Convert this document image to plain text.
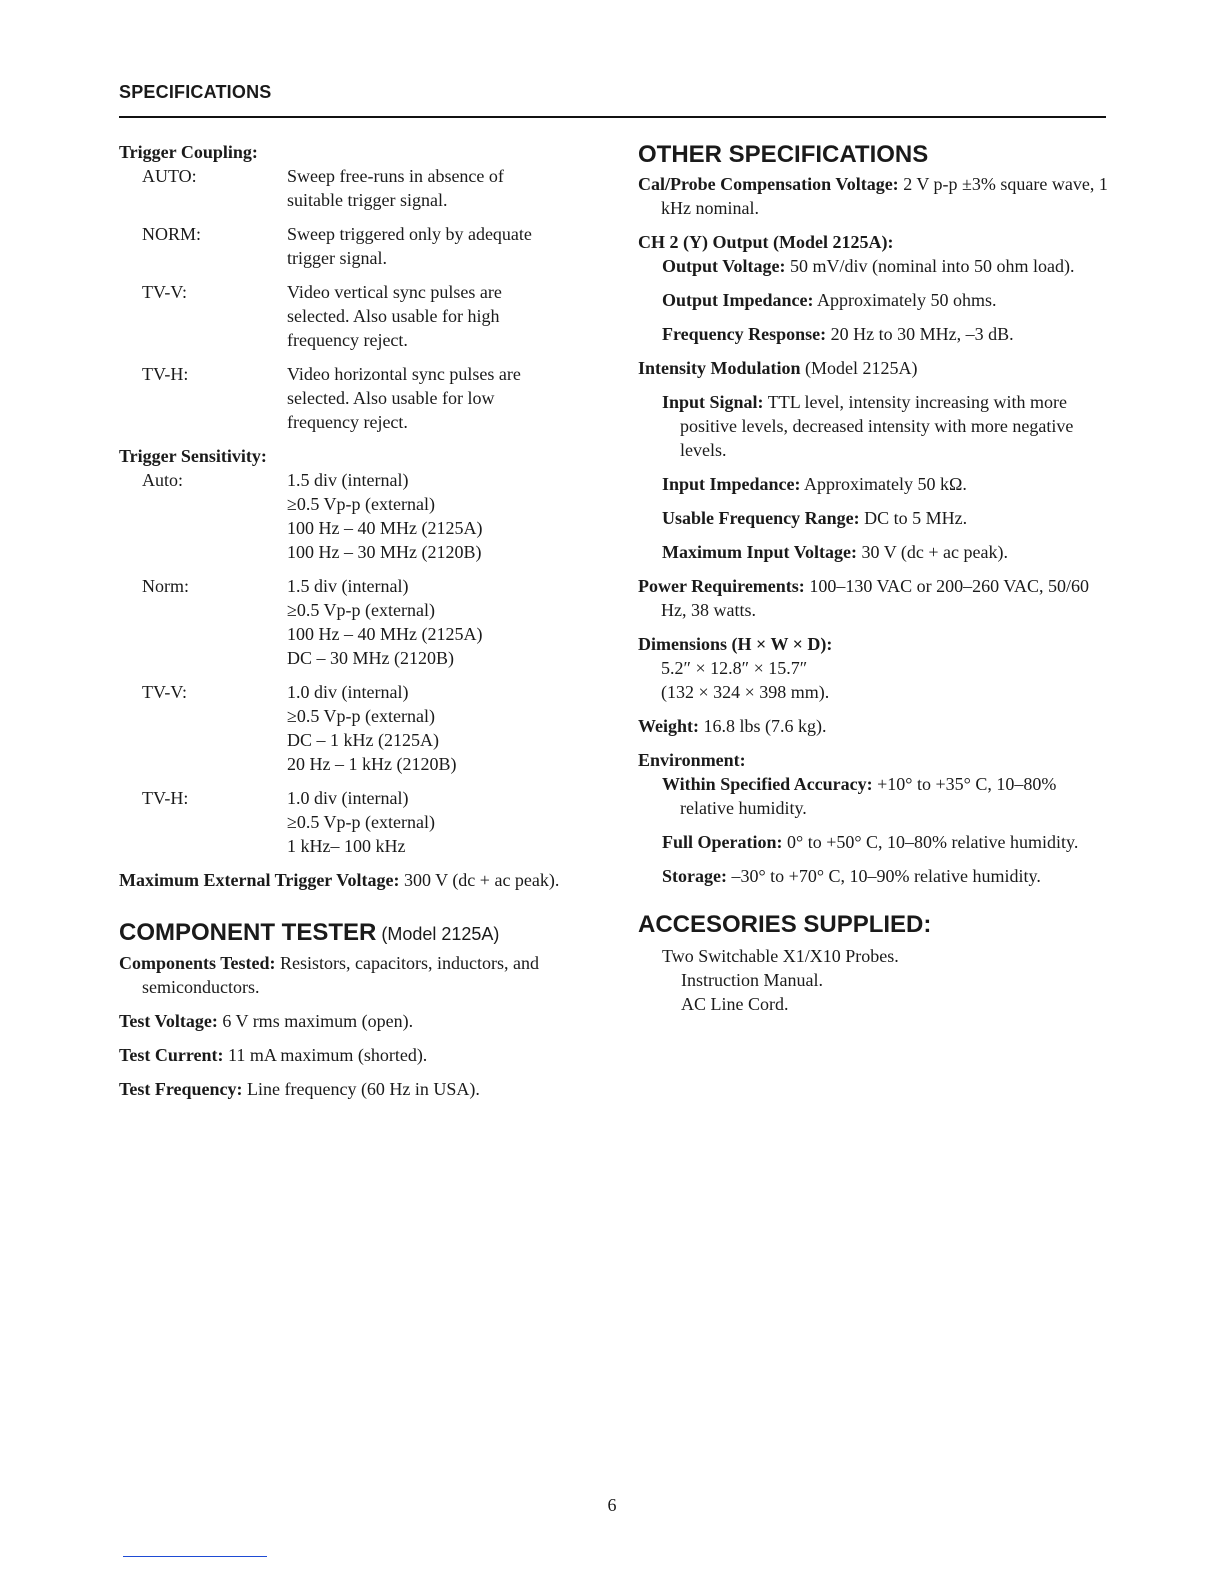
SPECIFICATIONS
Trigger Coupling:
AUTO:	Sweep free-runs in absence of
suitable trigger signal.
NORM:	Sweep triggered only by adequate
trigger signal.
TV-V:	Video vertical sync pulses are
selected. Also usable for high
frequency reject.
TV-H:	Video horizontal sync pulses are
selected. Also usable for low
frequency reject.
Trigger Sensitivity:
Auto:	1.5 div (internal)
≥0.5 Vp-p (external)
100 Hz – 40 MHz (2125A)
100 Hz – 30 MHz (2120B)
Norm:	1.5 div (internal)
≥0.5 Vp-p (external)
100 Hz – 40 MHz (2125A)
DC – 30 MHz (2120B)
TV-V:	1.0 div (internal)
≥0.5 Vp-p (external)
DC – 1 kHz (2125A)
20 Hz – 1 kHz (2120B)
TV-H:	1.0 div (internal)
≥0.5 Vp-p (external)
1 kHz– 100 kHz
Maximum External Trigger Voltage: 300 V (dc + ac peak).
COMPONENT TESTER (Model 2125A)
Components Tested: Resistors, capacitors, inductors, and semiconductors.
Test Voltage: 6 V rms maximum (open).
Test Current: 11 mA maximum (shorted).
Test Frequency: Line frequency (60 Hz in USA).
OTHER SPECIFICATIONS
Cal/Probe Compensation Voltage: 2 V p-p ±3% square wave, 1 kHz nominal.
CH 2 (Y) Output (Model 2125A):
Output Voltage: 50 mV/div (nominal into 50 ohm load).
Output Impedance: Approximately 50 ohms.
Frequency Response: 20 Hz to 30 MHz, –3 dB.
Intensity Modulation (Model 2125A)
Input Signal: TTL level, intensity increasing with more positive levels, decreased intensity with more negative levels.
Input Impedance: Approximately 50 kΩ.
Usable Frequency Range: DC to 5 MHz.
Maximum Input Voltage: 30 V (dc + ac peak).
Power Requirements: 100–130 VAC or 200–260 VAC, 50/60 Hz, 38 watts.
Dimensions (H × W × D):
5.2″ × 12.8″ × 15.7″
(132 × 324 × 398 mm).
Weight: 16.8 lbs (7.6 kg).
Environment:
Within Specified Accuracy: +10° to +35° C, 10–80% relative humidity.
Full Operation: 0° to +50° C, 10–80% relative humidity.
Storage: –30° to +70° C, 10–90% relative humidity.
ACCESORIES SUPPLIED:
Two Switchable X1/X10 Probes.
Instruction Manual.
AC Line Cord.
6
